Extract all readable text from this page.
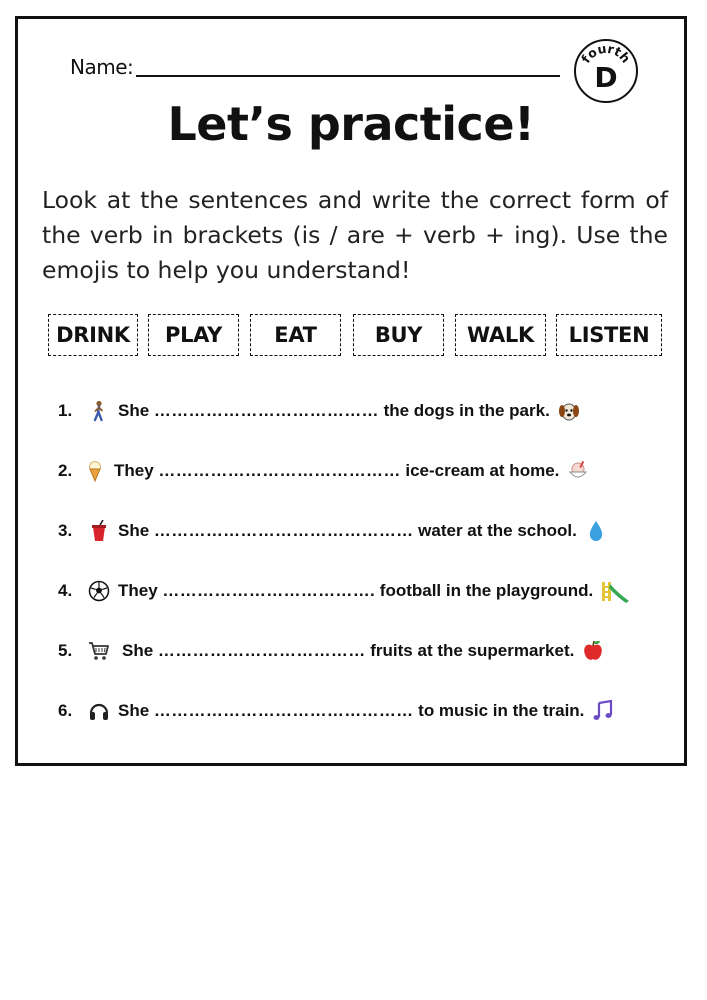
Name:	fourth
D
Let’s practice!
Look at the sentences and write the correct form of the verb in brackets (is / are + verb + ing). Use the emojis to help you understand!
DRINK	PLAY	EAT	BUY	WALK	LISTEN
1.	She
…………………………………
the dogs in the park.
2.	They
……………………………………
ice-cream at home.
3.	She
………………………………………
water at the school.
4.	They
……………………………….
football in the playground.
5.	She
………………………………
fruits at the supermarket.
6.	She
………………………………………
to music in the train.
